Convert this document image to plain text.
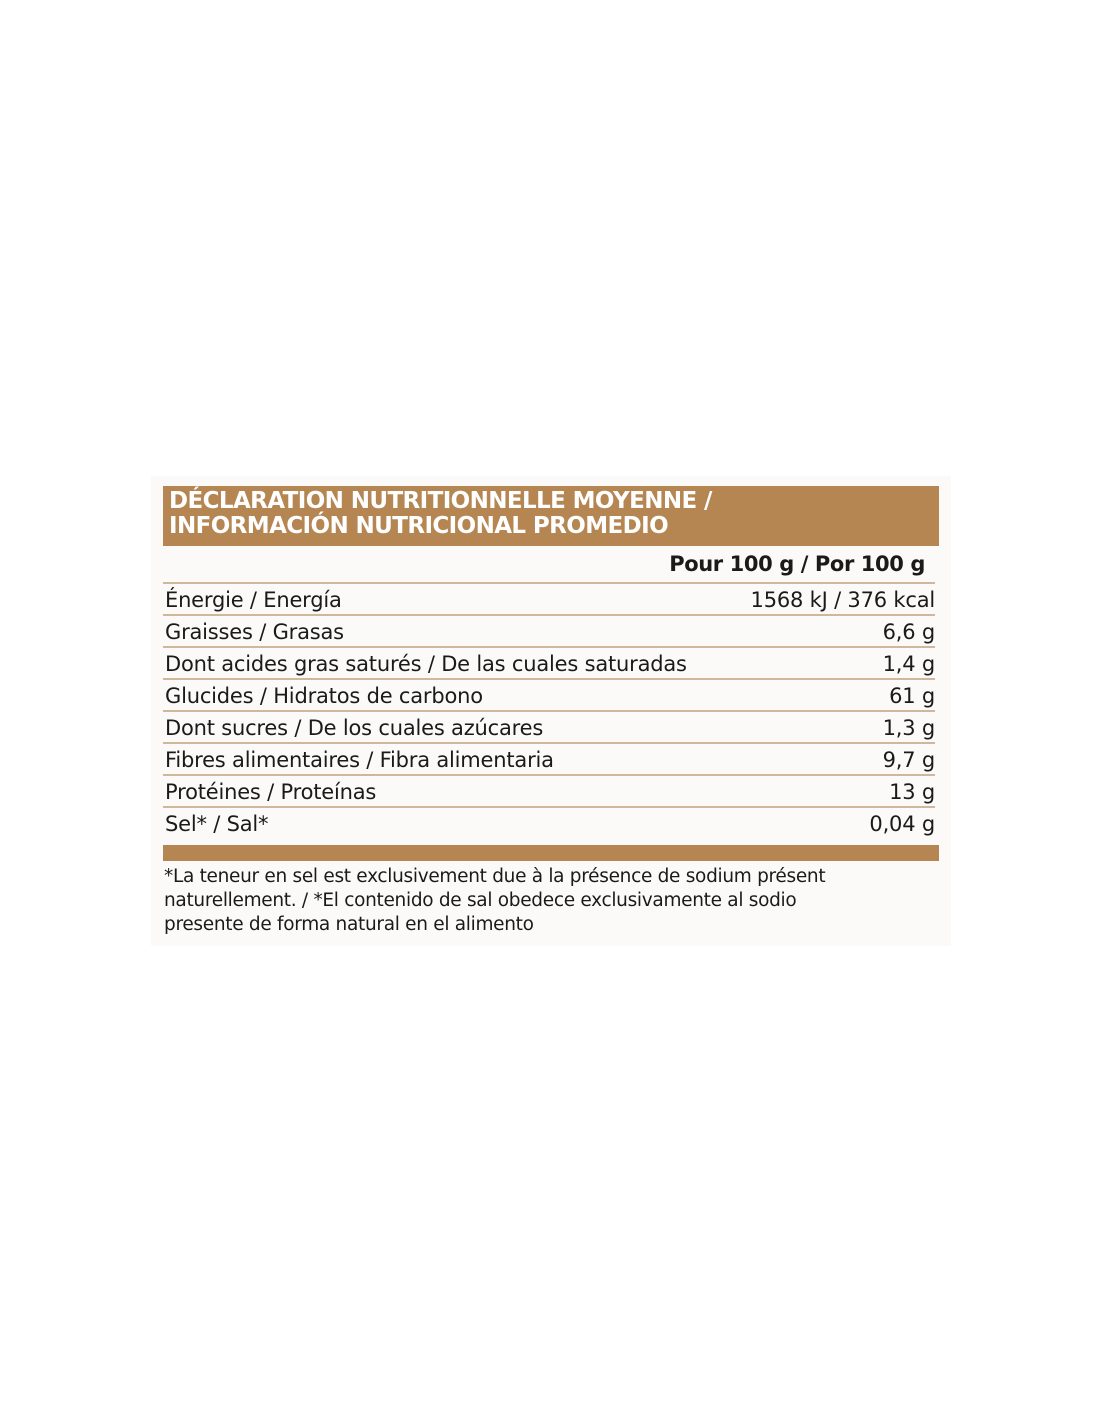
DÉCLARATION NUTRITIONNELLE MOYENNE /
INFORMACIÓN NUTRICIONAL PROMEDIO
Pour 100 g / Por 100 g
Énergie / Energía	1568 kJ / 376 kcal
Graisses / Grasas	6,6 g
Dont acides gras saturés / De las cuales saturadas	1,4 g
Glucides / Hidratos de carbono	61 g
Dont sucres / De los cuales azúcares	1,3 g
Fibres alimentaires / Fibra alimentaria	9,7 g
Protéines / Proteínas	13 g
Sel* / Sal*	0,04 g
*La teneur en sel est exclusivement due à la présence de sodium présent
naturellement. / *El contenido de sal obedece exclusivamente al sodio
presente de forma natural en el alimento
